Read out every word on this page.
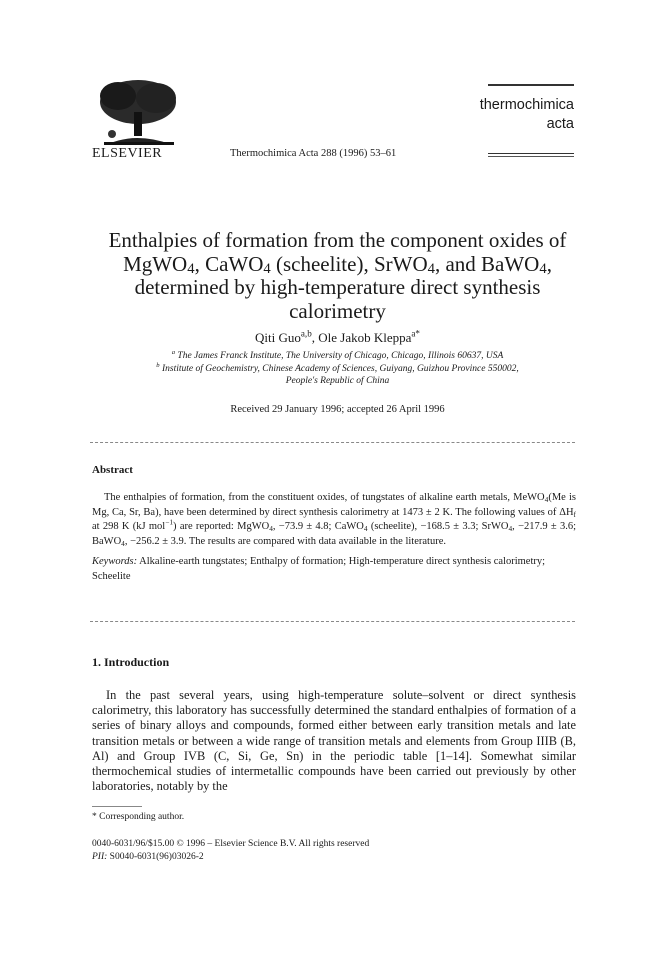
ELSEVIER	Thermochimica Acta 288 (1996) 53–61
thermochimica
acta
Enthalpies of formation from the component oxides of
MgWO$_4$, CaWO$_4$ (scheelite), SrWO$_4$, and BaWO$_4$,
determined by high-temperature direct synthesis
calorimetry
Qiti Guo$^{a,b}$, Ole Jakob Kleppa$^{a*}$
$^a$ The James Franck Institute, The University of Chicago, Chicago, Illinois 60637, USA
$^b$ Institute of Geochemistry, Chinese Academy of Sciences, Guiyang, Guizhou Province 550002,
People's Republic of China
Received 29 January 1996; accepted 26 April 1996
Abstract
The enthalpies of formation, from the constituent oxides, of tungstates of alkaline earth metals, MeWO$_4$(Me is Mg, Ca, Sr, Ba), have been determined by direct synthesis calorimetry at 1473 ± 2 K. The following values of $\Delta H_f$ at 298 K (kJ mol$^{-1}$) are reported: MgWO$_4$, −73.9 ± 4.8; CaWO$_4$ (scheelite), −168.5 ± 3.3; SrWO$_4$, −217.9 ± 3.6; BaWO$_4$, −256.2 ± 3.9. The results are compared with data available in the literature.
Keywords: Alkaline-earth tungstates; Enthalpy of formation; High-temperature direct synthesis calorimetry; Scheelite
1. Introduction
In the past several years, using high-temperature solute–solvent or direct synthesis calorimetry, this laboratory has successfully determined the standard enthalpies of formation of a series of binary alloys and compounds, formed either between early transition metals and late transition metals or between a wide range of transition metals and elements from Group IIIB (B, Al) and Group IVB (C, Si, Ge, Sn) in the periodic table [1–14]. Somewhat similar thermochemical studies of intermetallic compounds have been carried out previously by other laboratories, notably by the
* Corresponding author.
0040-6031/96/$15.00 © 1996 – Elsevier Science B.V. All rights reserved
PII: S0040-6031(96)03026-2
